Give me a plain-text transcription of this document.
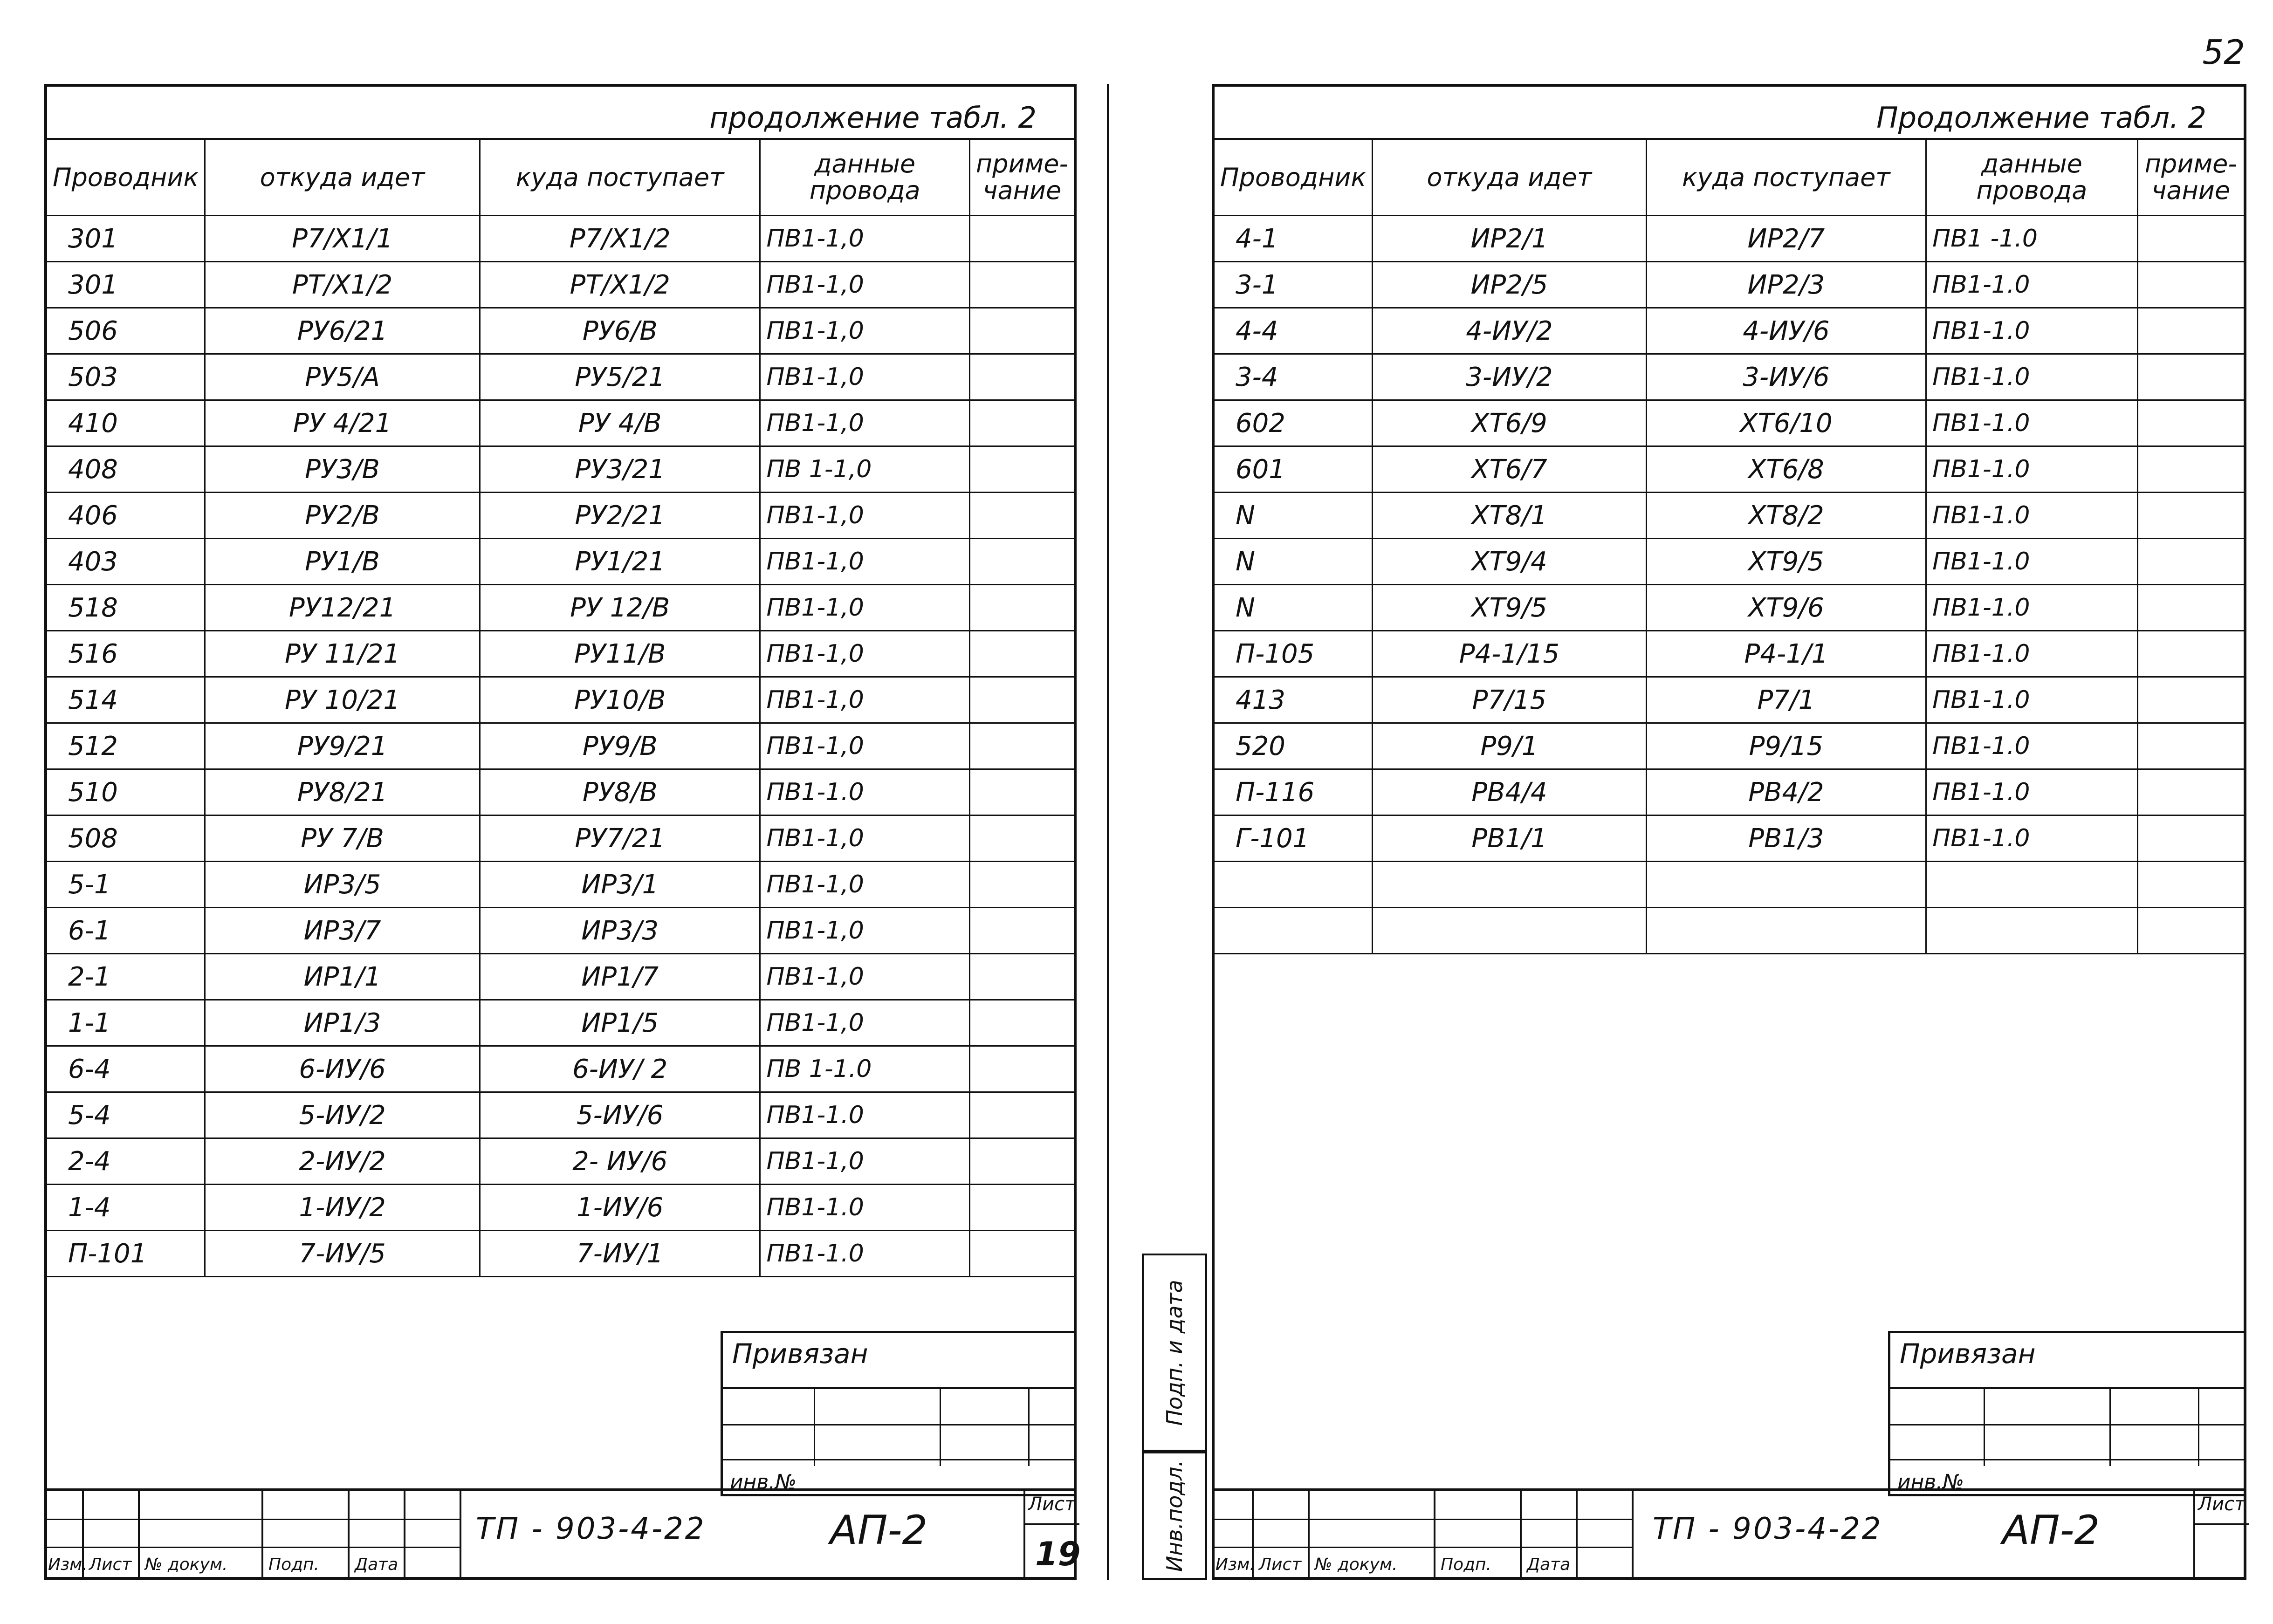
52
продолжение табл. 2
Проводник	откуда идет	куда поступает	данные провода	приме-чание
301	P7/X1/1	P7/X1/2	ПВ1-1,0	
301	PT/X1/2	PT/X1/2	ПВ1-1,0	
506	PУ6/21	PУ6/B	ПВ1-1,0	
503	PУ5/A	PУ5/21	ПВ1-1,0	
410	PУ 4/21	PУ 4/B	ПВ1-1,0	
408	PУ3/B	PУ3/21	ПВ 1-1,0	
406	PУ2/B	PУ2/21	ПВ1-1,0	
403	PУ1/B	PУ1/21	ПВ1-1,0	
518	PУ12/21	PУ 12/B	ПВ1-1,0	
516	PУ 11/21	PУ11/B	ПВ1-1,0	
514	PУ 10/21	PУ10/B	ПВ1-1,0	
512	PУ9/21	PУ9/B	ПВ1-1,0	
510	PУ8/21	PУ8/B	ПВ1-1.0	
508	PУ 7/B	PУ7/21	ПВ1-1,0	
5-1	ИP3/5	ИP3/1	ПВ1-1,0	
6-1	ИP3/7	ИP3/3	ПВ1-1,0	
2-1	ИP1/1	ИP1/7	ПВ1-1,0	
1-1	ИP1/3	ИP1/5	ПВ1-1,0	
6-4	6-ИУ/6	6-ИУ/ 2	ПВ 1-1.0	
5-4	5-ИУ/2	5-ИУ/6	ПВ1-1.0	
2-4	2-ИУ/2	2- ИУ/6	ПВ1-1,0	
1-4	1-ИУ/2	1-ИУ/6	ПВ1-1.0	
П-101	7-ИУ/5	7-ИУ/1	ПВ1-1.0	
Привязан
инв.№
Изм. Лист № докум. Подп. Дата
ТП - 903-4-22	АП-2
Лист
19
Подп. и дата
Инв.подл.
Продолжение табл. 2
Проводник	откуда идет	куда поступает	данные провода	приме-чание
4-1	ИP2/1	ИP2/7	ПВ1 -1.0	
3-1	ИP2/5	ИP2/3	ПВ1-1.0	
4-4	4-ИУ/2	4-ИУ/6	ПВ1-1.0	
3-4	3-ИУ/2	3-ИУ/6	ПВ1-1.0	
602	XT6/9	XT6/10	ПВ1-1.0	
601	XT6/7	XT6/8	ПВ1-1.0	
N	XT8/1	XT8/2	ПВ1-1.0	
N	XT9/4	XT9/5	ПВ1-1.0	
N	XT9/5	XT9/6	ПВ1-1.0	
П-105	P4-1/15	P4-1/1	ПВ1-1.0	
413	P7/15	P7/1	ПВ1-1.0	
520	P9/1	P9/15	ПВ1-1.0	
П-116	PB4/4	PB4/2	ПВ1-1.0	
Г-101	PB1/1	PB1/3	ПВ1-1.0	

Привязан
инв.№
Изм. Лист № докум.	Подп. Дата
ТП - 903-4-22	АП-2
Лист
